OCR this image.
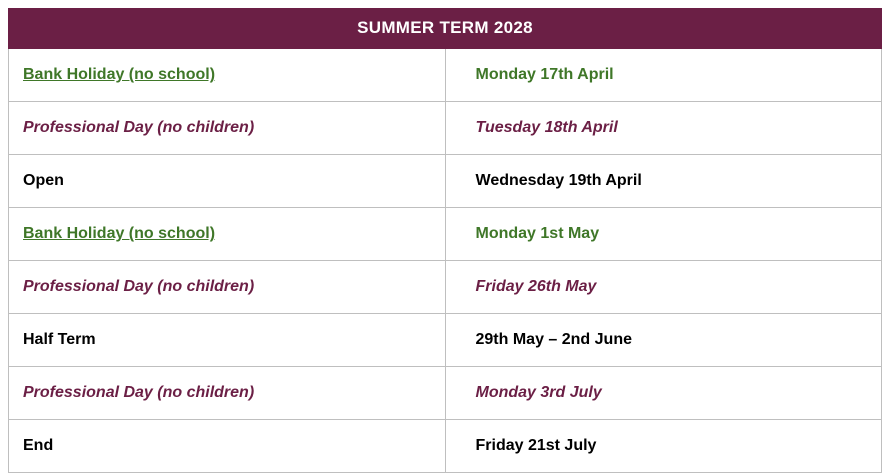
SUMMER TERM 2028	
Bank Holiday (no school)	Monday 17th April
Professional Day (no children)	Tuesday 18th April
Open	Wednesday 19th April
Bank Holiday (no school)	Monday 1st May
Professional Day (no children)	Friday 26th May
Half Term	29th May – 2nd June
Professional Day (no children)	Monday 3rd July
End	Friday 21st July
